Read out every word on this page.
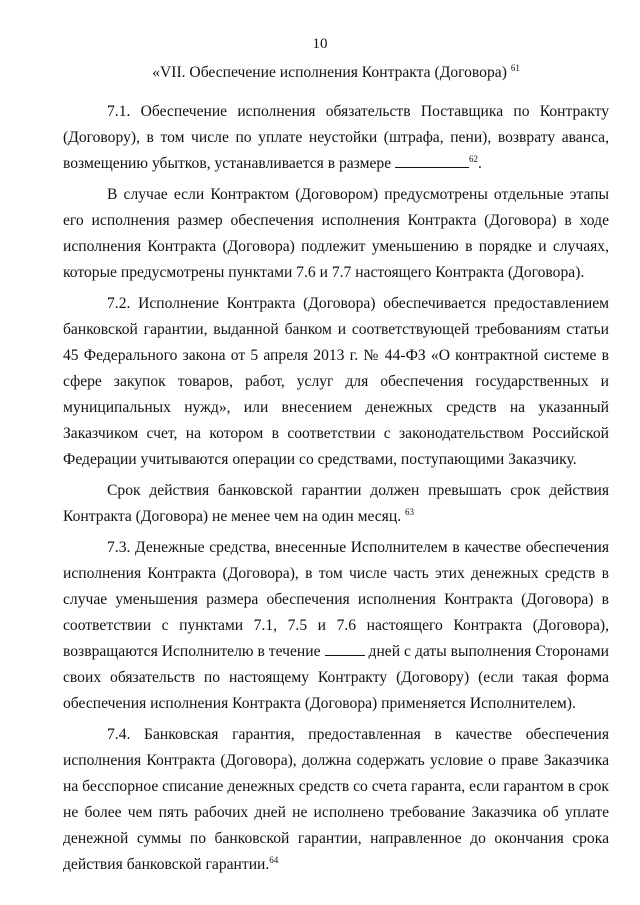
10
«VII. Обеспечение исполнения Контракта (Договора) $^{61}$

7.1. Обеспечение исполнения обязательств Поставщика по Контракту (Договору), в том числе по уплате неустойки (штрафа, пени), возврату аванса, возмещению убытков, устанавливается в размере	$^{62}$.

В случае если Контрактом (Договором) предусмотрены отдельные этапы его исполнения размер обеспечения исполнения Контракта (Договора) в ходе исполнения Контракта (Договора) подлежит уменьшению в порядке и случаях, которые предусмотрены пунктами 7.6 и 7.7 настоящего Контракта (Договора).

7.2. Исполнение Контракта (Договора) обеспечивается предоставлением банковской гарантии, выданной банком и соответствующей требованиям статьи 45 Федерального закона от 5 апреля 2013 г. № 44-ФЗ «О контрактной системе в сфере закупок товаров, работ, услуг для обеспечения государственных и муниципальных нужд», или внесением денежных средств на указанный Заказчиком счет, на котором в соответствии с законодательством Российской Федерации учитываются операции со средствами, поступающими Заказчику.

Срок действия банковской гарантии должен превышать срок действия Контракта (Договора) не менее чем на один месяц. $^{63}$

7.3. Денежные средства, внесенные Исполнителем в качестве обеспечения исполнения Контракта (Договора), в том числе часть этих денежных средств в случае уменьшения размера обеспечения исполнения Контракта (Договора) в соответствии с пунктами 7.1, 7.5 и 7.6 настоящего Контракта (Договора), возвращаются Исполнителю в течение	дней с даты выполнения Сторонами своих обязательств по настоящему Контракту (Договору) (если такая форма обеспечения исполнения Контракта (Договора) применяется Исполнителем).

7.4. Банковская гарантия, предоставленная в качестве обеспечения исполнения Контракта (Договора), должна содержать условие о праве Заказчика на бесспорное списание денежных средств со счета гаранта, если гарантом в срок не более чем пять рабочих дней не исполнено требование Заказчика об уплате денежной суммы по банковской гарантии, направленное до окончания срока действия банковской гарантии.$^{64}$
